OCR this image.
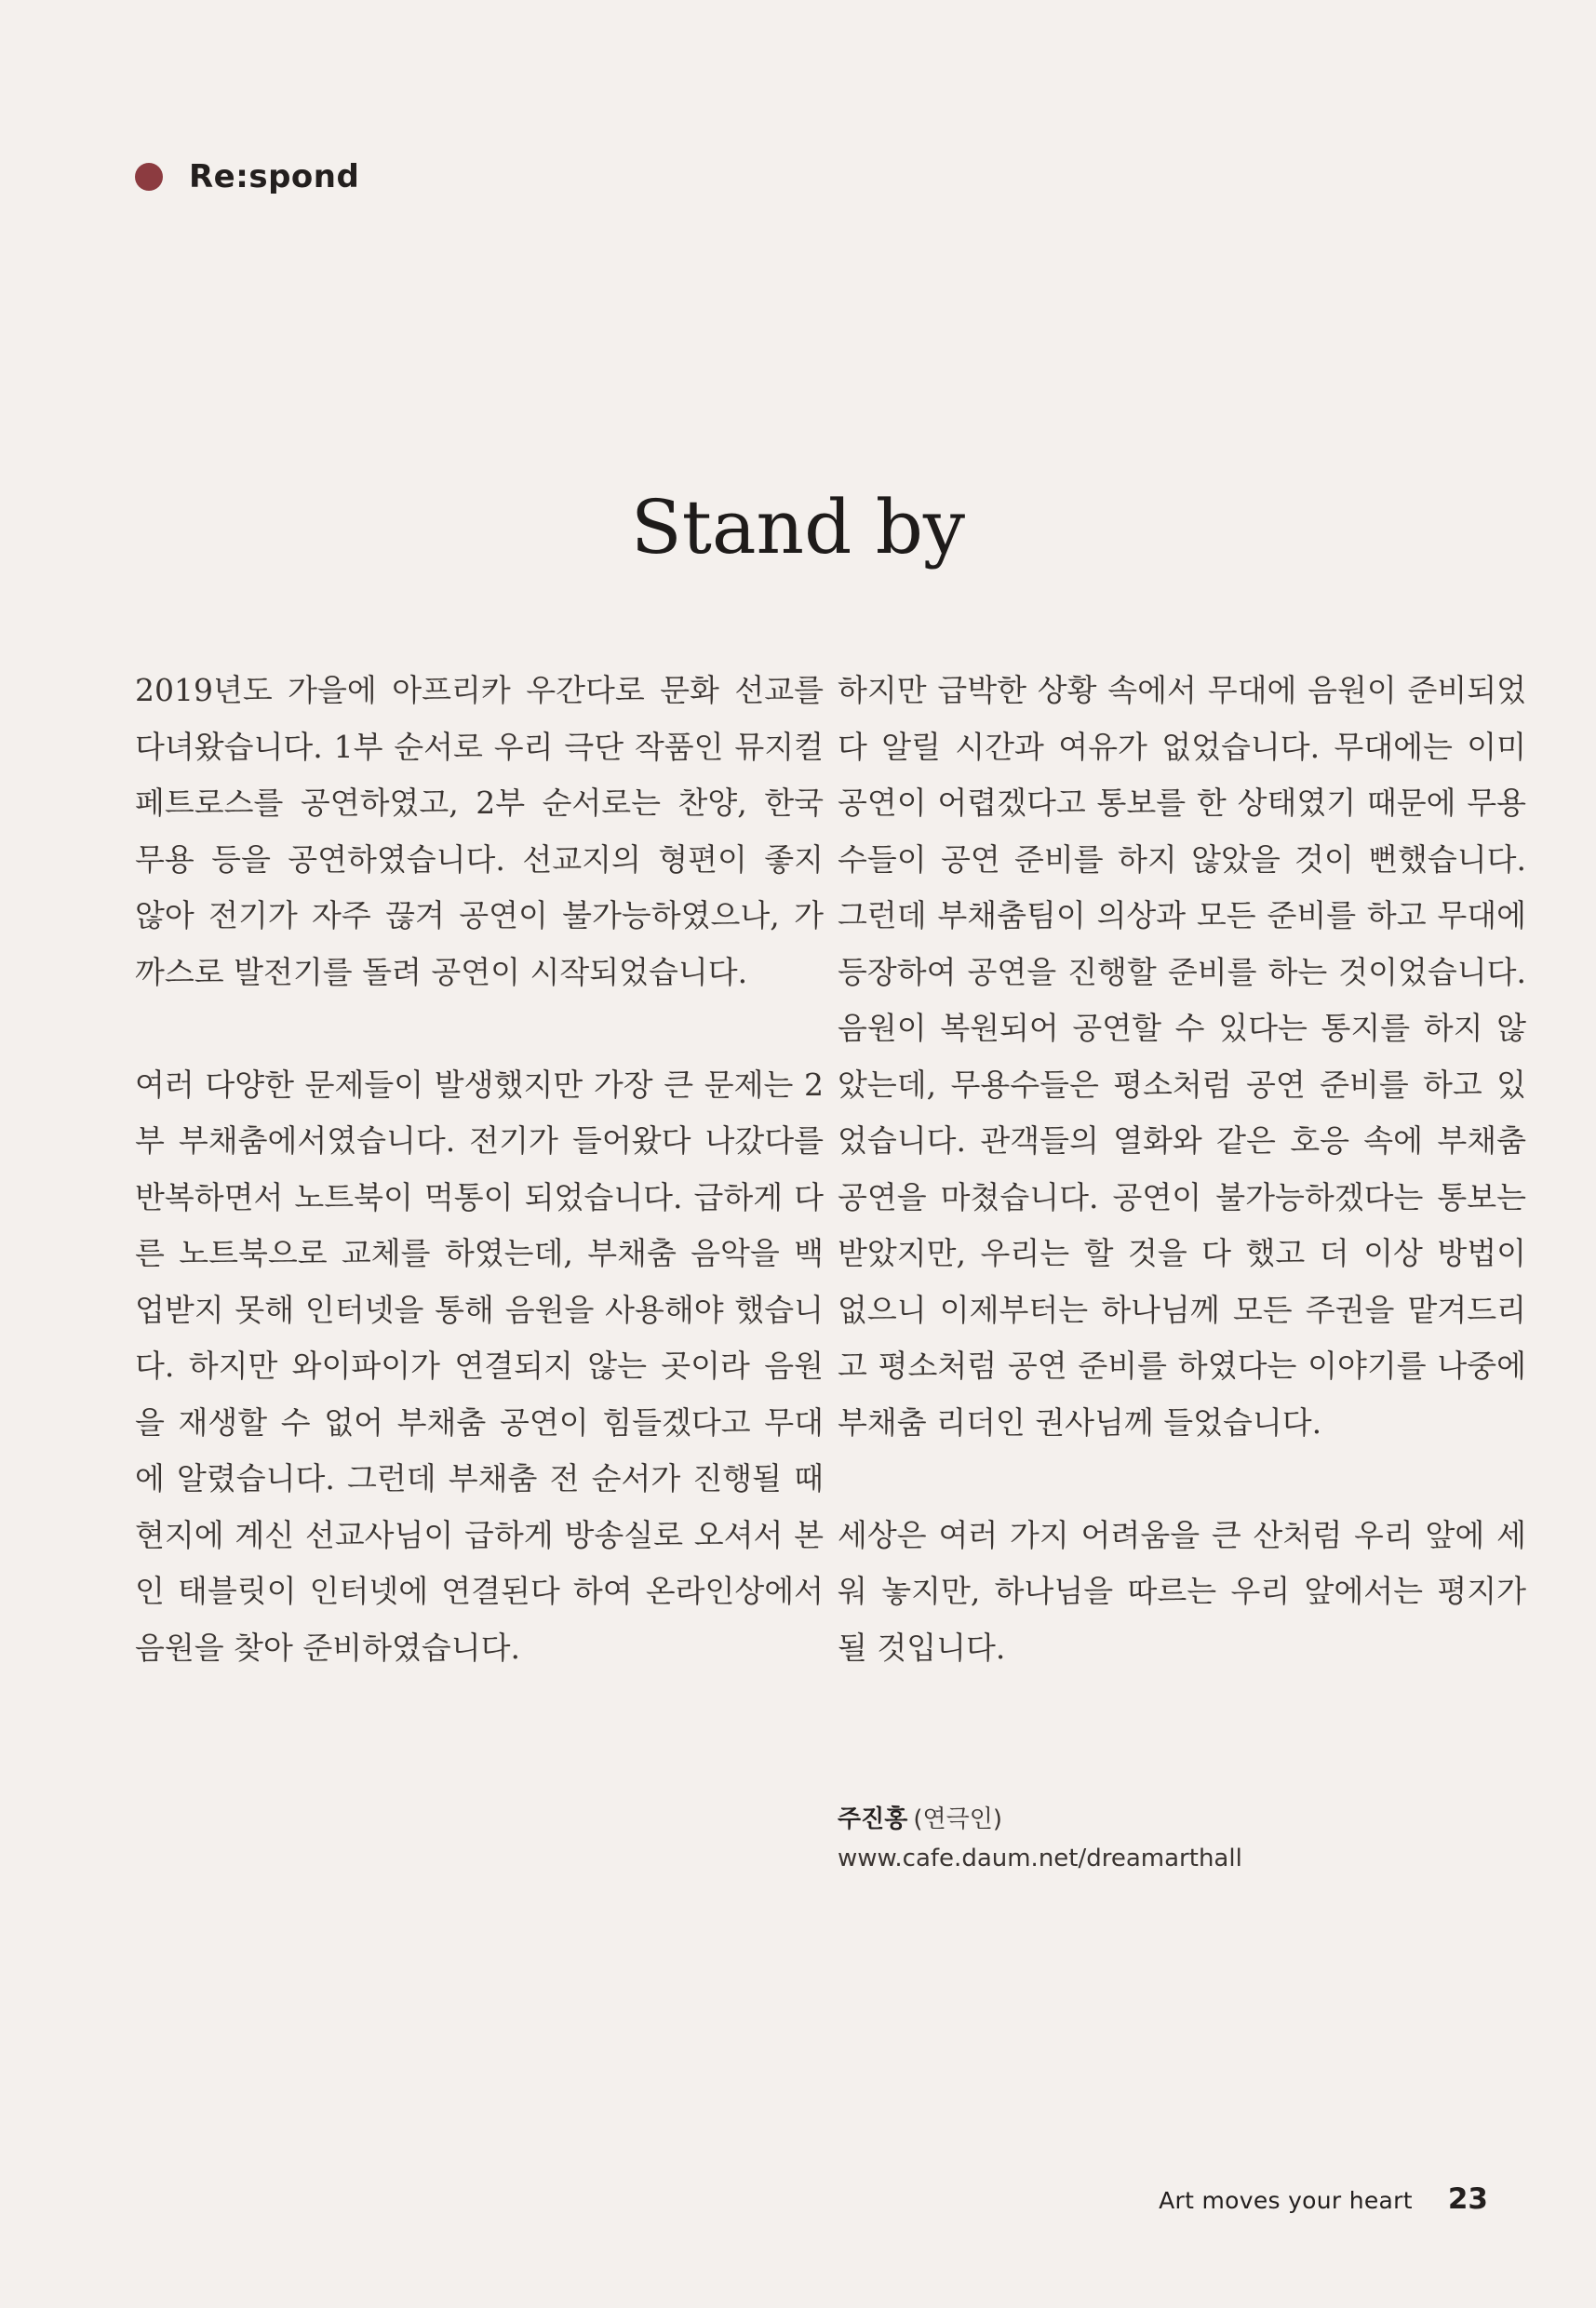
Re:spond
Stand by

2019년도 가을에 아프리카 우간다로 문화 선교를 다녀왔습니다. 1부 순서로 우리 극단 작품인 뮤지컬 페트로스를 공연하였고, 2부 순서로는 찬양, 한국 무용 등을 공연하였습니다. 선교지의 형편이 좋지 않아 전기가 자주 끊겨 공연이 불가능하였으나, 가까스로 발전기를 돌려 공연이 시작되었습니다.

여러 다양한 문제들이 발생했지만 가장 큰 문제는 2부 부채춤에서였습니다. 전기가 들어왔다 나갔다를 반복하면서 노트북이 먹통이 되었습니다. 급하게 다른 노트북으로 교체를 하였는데, 부채춤 음악을 백업받지 못해 인터넷을 통해 음원을 사용해야 했습니다. 하지만 와이파이가 연결되지 않는 곳이라 음원을 재생할 수 없어 부채춤 공연이 힘들겠다고 무대에 알렸습니다. 그런데 부채춤 전 순서가 진행될 때 현지에 계신 선교사님이 급하게 방송실로 오셔서 본인 태블릿이 인터넷에 연결된다 하여 온라인상에서 음원을 찾아 준비하였습니다.

하지만 급박한 상황 속에서 무대에 음원이 준비되었다 알릴 시간과 여유가 없었습니다. 무대에는 이미 공연이 어렵겠다고 통보를 한 상태였기 때문에 무용수들이 공연 준비를 하지 않았을 것이 뻔했습니다. 그런데 부채춤팀이 의상과 모든 준비를 하고 무대에 등장하여 공연을 진행할 준비를 하는 것이었습니다. 음원이 복원되어 공연할 수 있다는 통지를 하지 않았는데, 무용수들은 평소처럼 공연 준비를 하고 있었습니다. 관객들의 열화와 같은 호응 속에 부채춤 공연을 마쳤습니다. 공연이 불가능하겠다는 통보는 받았지만, 우리는 할 것을 다 했고 더 이상 방법이 없으니 이제부터는 하나님께 모든 주권을 맡겨드리고 평소처럼 공연 준비를 하였다는 이야기를 나중에 부채춤 리더인 권사님께 들었습니다.

세상은 여러 가지 어려움을 큰 산처럼 우리 앞에 세워 놓지만, 하나님을 따르는 우리 앞에서는 평지가 될 것입니다.

주진홍 (연극인)
www.cafe.daum.net/dreamarthall
Art moves your heart 23
